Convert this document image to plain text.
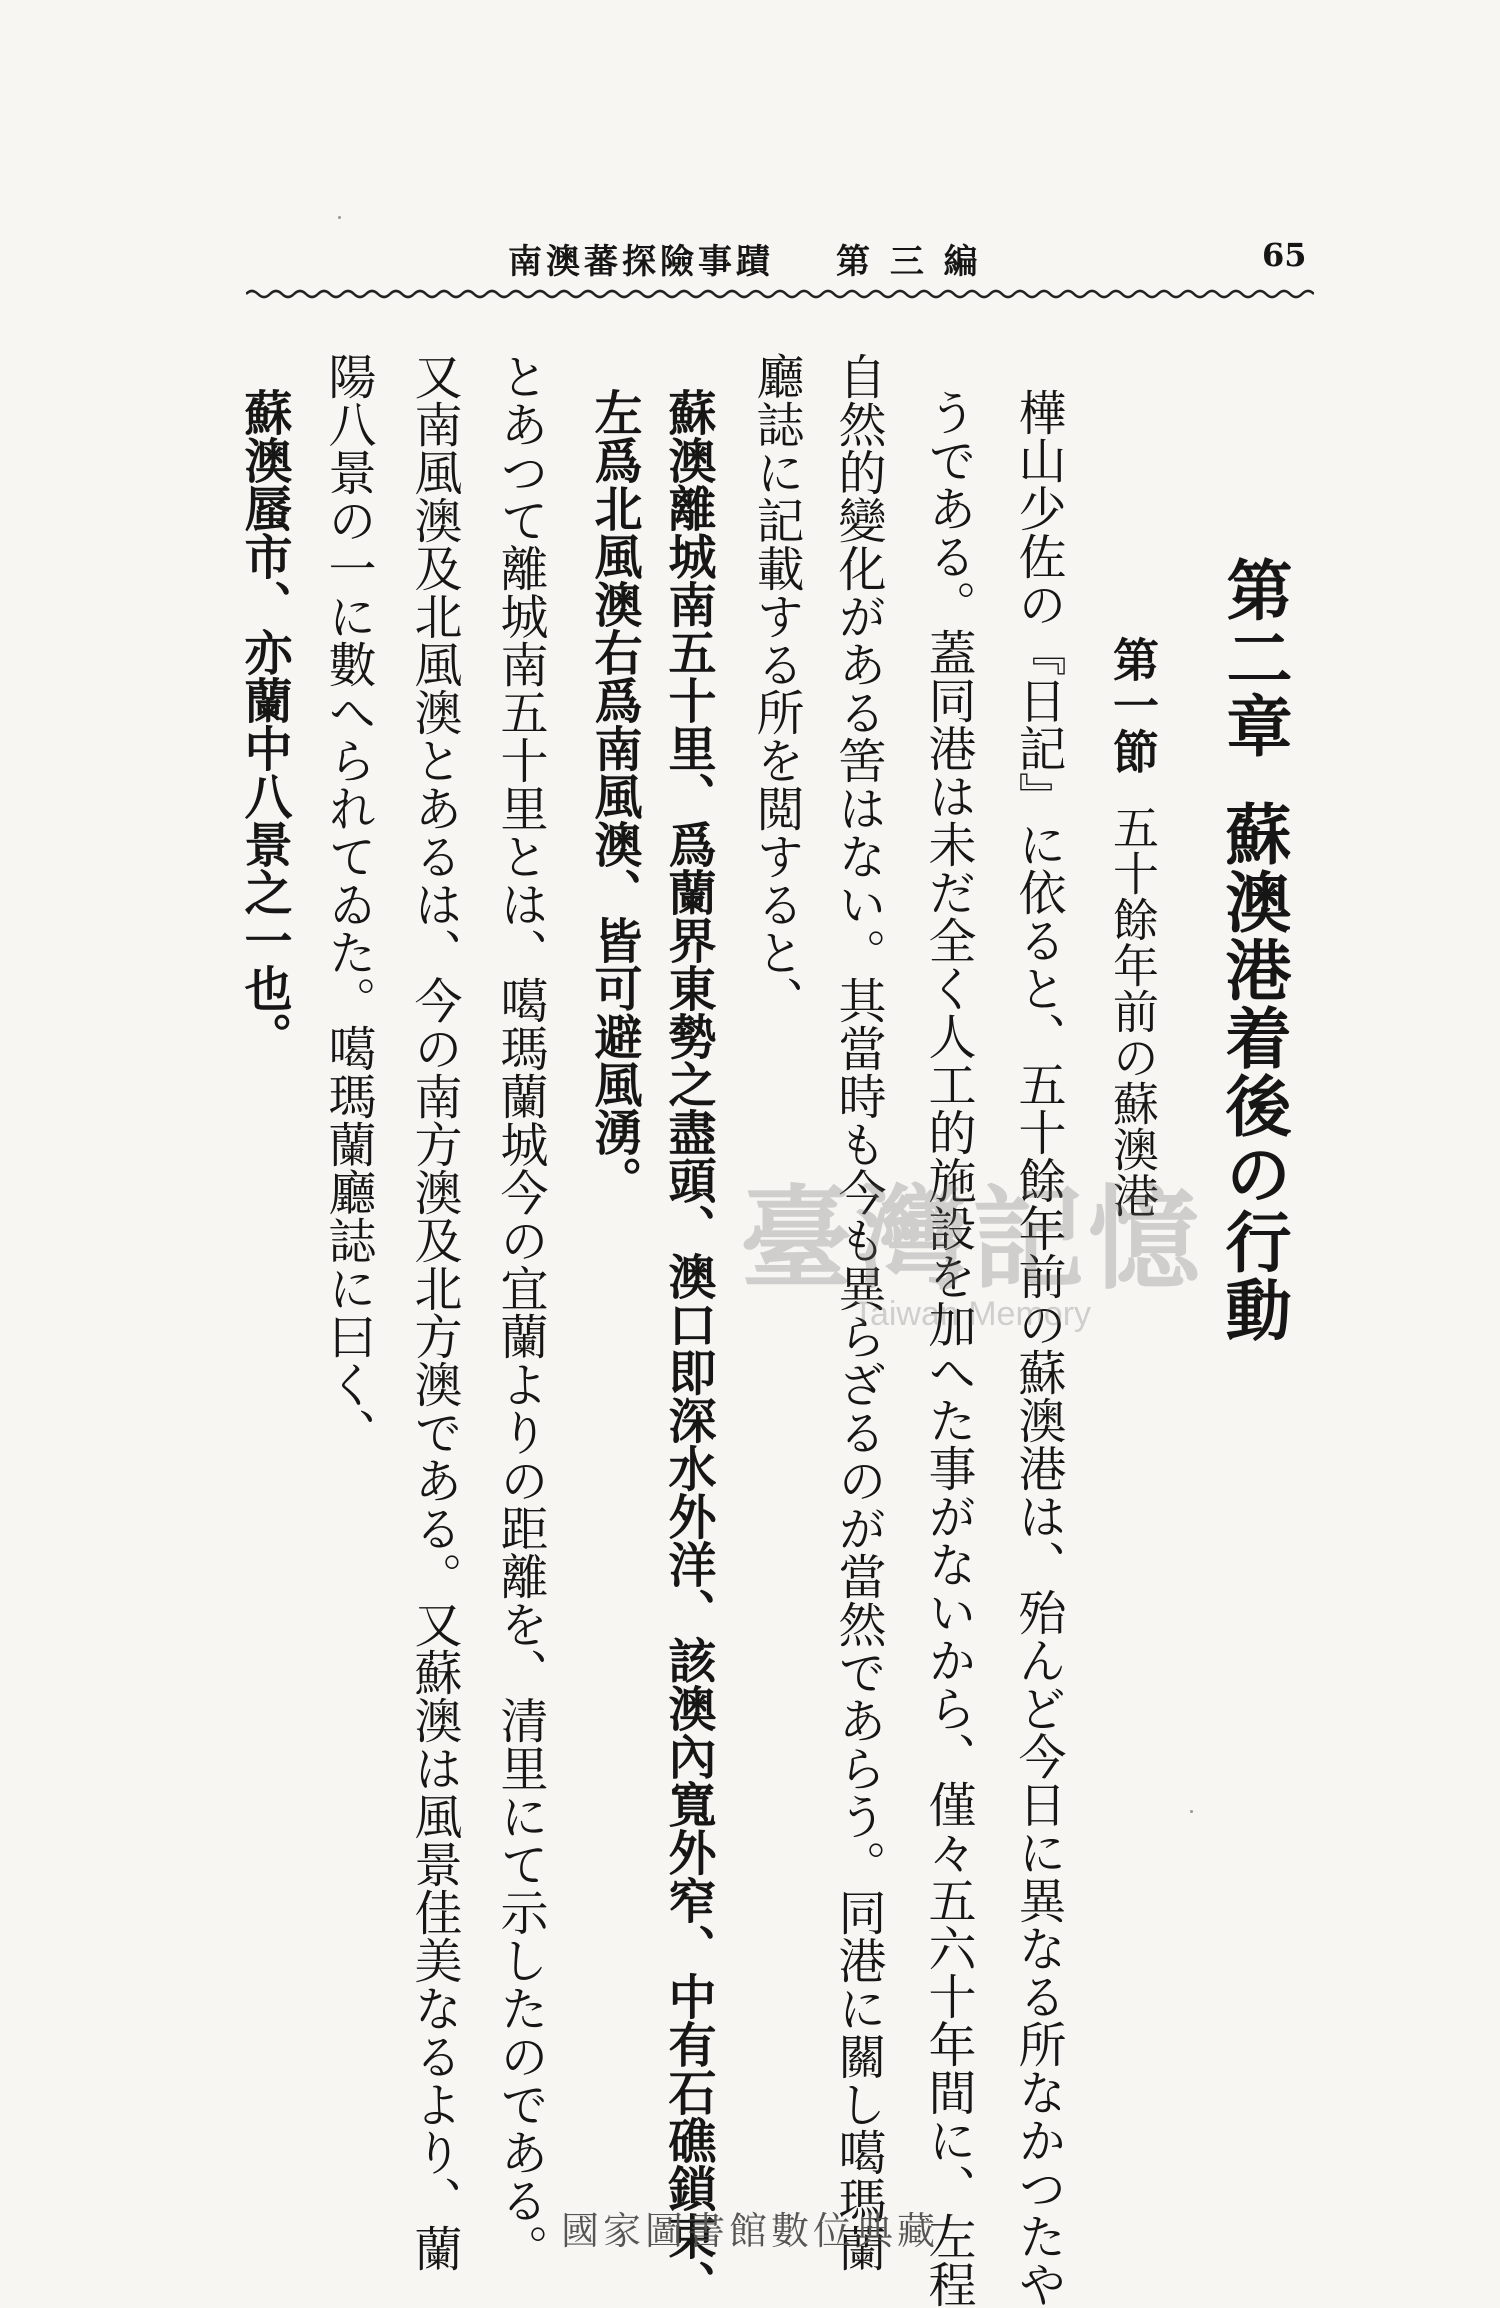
65
南澳蕃探險事蹟 第 三 編
第二章蘇澳港着後の行動
第一節五十餘年前の蘇澳港
樺山少佐の『日記』に依ると、五十餘年前の蘇澳港は、殆んど今日に異なる所なかつたや
うである。蓋同港は未だ全く人工的施設を加へた事がないから、僅々五六十年間に、左程
自然的變化がある筈はない。其當時も今も異らざるのが當然であらう。同港に關し噶瑪蘭
廳誌に記載する所を閲すると、
蘇澳離城南五十里、爲蘭界東勢之盡頭、澳口即深水外洋、該澳內寬外窄、中有石礁鎖束、
左爲北風澳右爲南風澳、皆可避風湧。
とあつて離城南五十里とは、噶瑪蘭城今の宜蘭よりの距離を、清里にて示したのである。
又南風澳及北風澳とあるは、今の南方澳及北方澳である。又蘇澳は風景佳美なるより、蘭
陽八景の一に數へられてゐた。噶瑪蘭廳誌に曰く、
蘇澳蜃市、亦蘭中八景之一也。
臺灣記憶
Taiwan Memory
國家圖書館數位典藏
